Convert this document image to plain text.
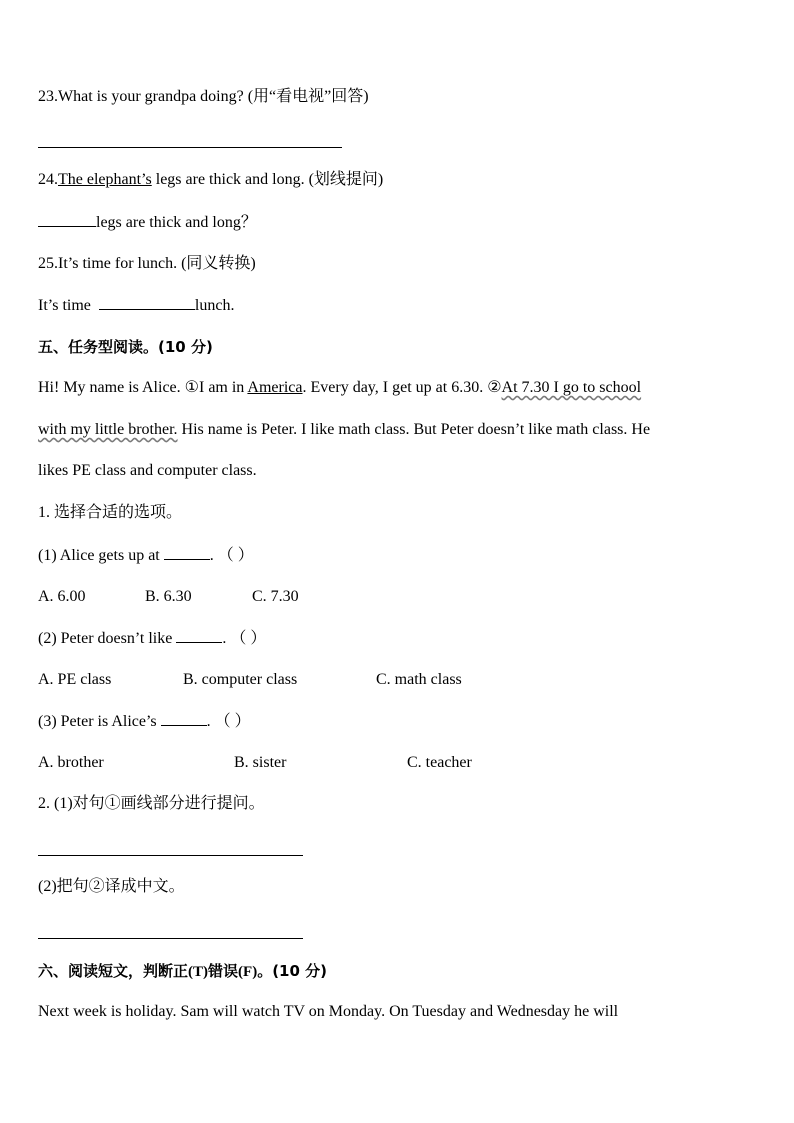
23.What is your grandpa doing? (用“看电视”回答)
24.The elephant’s legs are thick and long. (划线提问)
legs are thick and long？
25.It’s time for lunch. (同义转换)
It’s time	lunch.
五、任务型阅读。(10 分)
Hi! My name is Alice. ①I am in America. Every day, I get up at 6.30. ②At 7.30 I go to school
with my little brother. His name is Peter. I like math class. But Peter doesn’t like math class. He
likes PE class and computer class.
1. 选择合适的选项。
(1) Alice gets up at	. （ ）
A. 6.00	B. 6.30	C. 7.30
(2) Peter doesn’t like	. （ ）
A. PE class	B. computer class	C. math class
(3) Peter is Alice’s	. （ ）
A. brother	B. sister	C. teacher
2. (1)对句①画线部分进行提问。
(2)把句②译成中文。
六、阅读短文，判断正(T)错误(F)。(10 分)
Next week is holiday. Sam will watch TV on Monday. On Tuesday and Wednesday he will
